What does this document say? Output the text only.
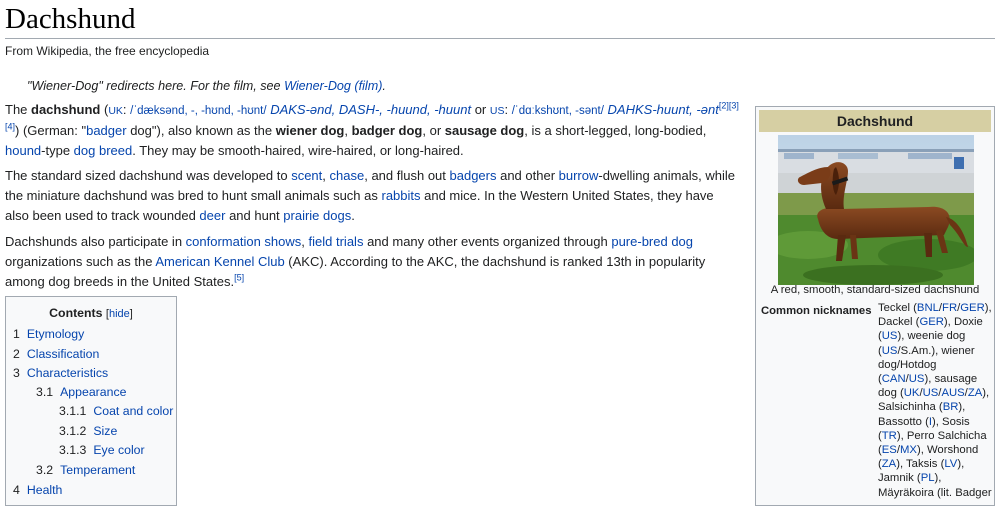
Dachshund
From Wikipedia, the free encyclopedia
"Wiener-Dog" redirects here. For the film, see Wiener-Dog (film).

The dachshund (UK: /ˈdæksənd, -, -hʊnd, -hʊnt/ DAKS-ənd, DASH-, -huund, -huunt or US: /ˈdɑːkshʊnt, -sənt/ DAHKS-huunt, -ənt[2][3][4]) (German: "badger dog"), also known as the wiener dog, badger dog, or sausage dog, is a short-legged, long-bodied, hound-type dog breed. They may be smooth-haired, wire-haired, or long-haired.

The standard sized dachshund was developed to scent, chase, and flush out badgers and other burrow-dwelling animals, while the miniature dachshund was bred to hunt small animals such as rabbits and mice. In the Western United States, they have also been used to track wounded deer and hunt prairie dogs.

Dachshunds also participate in conformation shows, field trials and many other events organized through pure-bred dog organizations such as the American Kennel Club (AKC). According to the AKC, the dachshund is ranked 13th in popularity among dog breeds in the United States.[5]

Contents [hide]
1 Etymology
2 Classification
3 Characteristics
3.1 Appearance
3.1.1 Coat and color
3.1.2 Size
3.1.3 Eye color
3.2 Temperament
4 Health
Dachshund
A red, smooth, standard-sized dachshund
Common nicknames Teckel (BNL/FR/GER), Dackel (GER), Doxie (US), weenie dog (US/S.Am.), wiener dog/Hotdog (CAN/US), sausage dog (UK/US/AUS/ZA), Salsichinha (BR), Bassotto (I), Sosis (TR), Perro Salchicha (ES/MX), Worshond (ZA), Taksis (LV), Jamnik (PL), Mäyräkoira (lit. Badger
